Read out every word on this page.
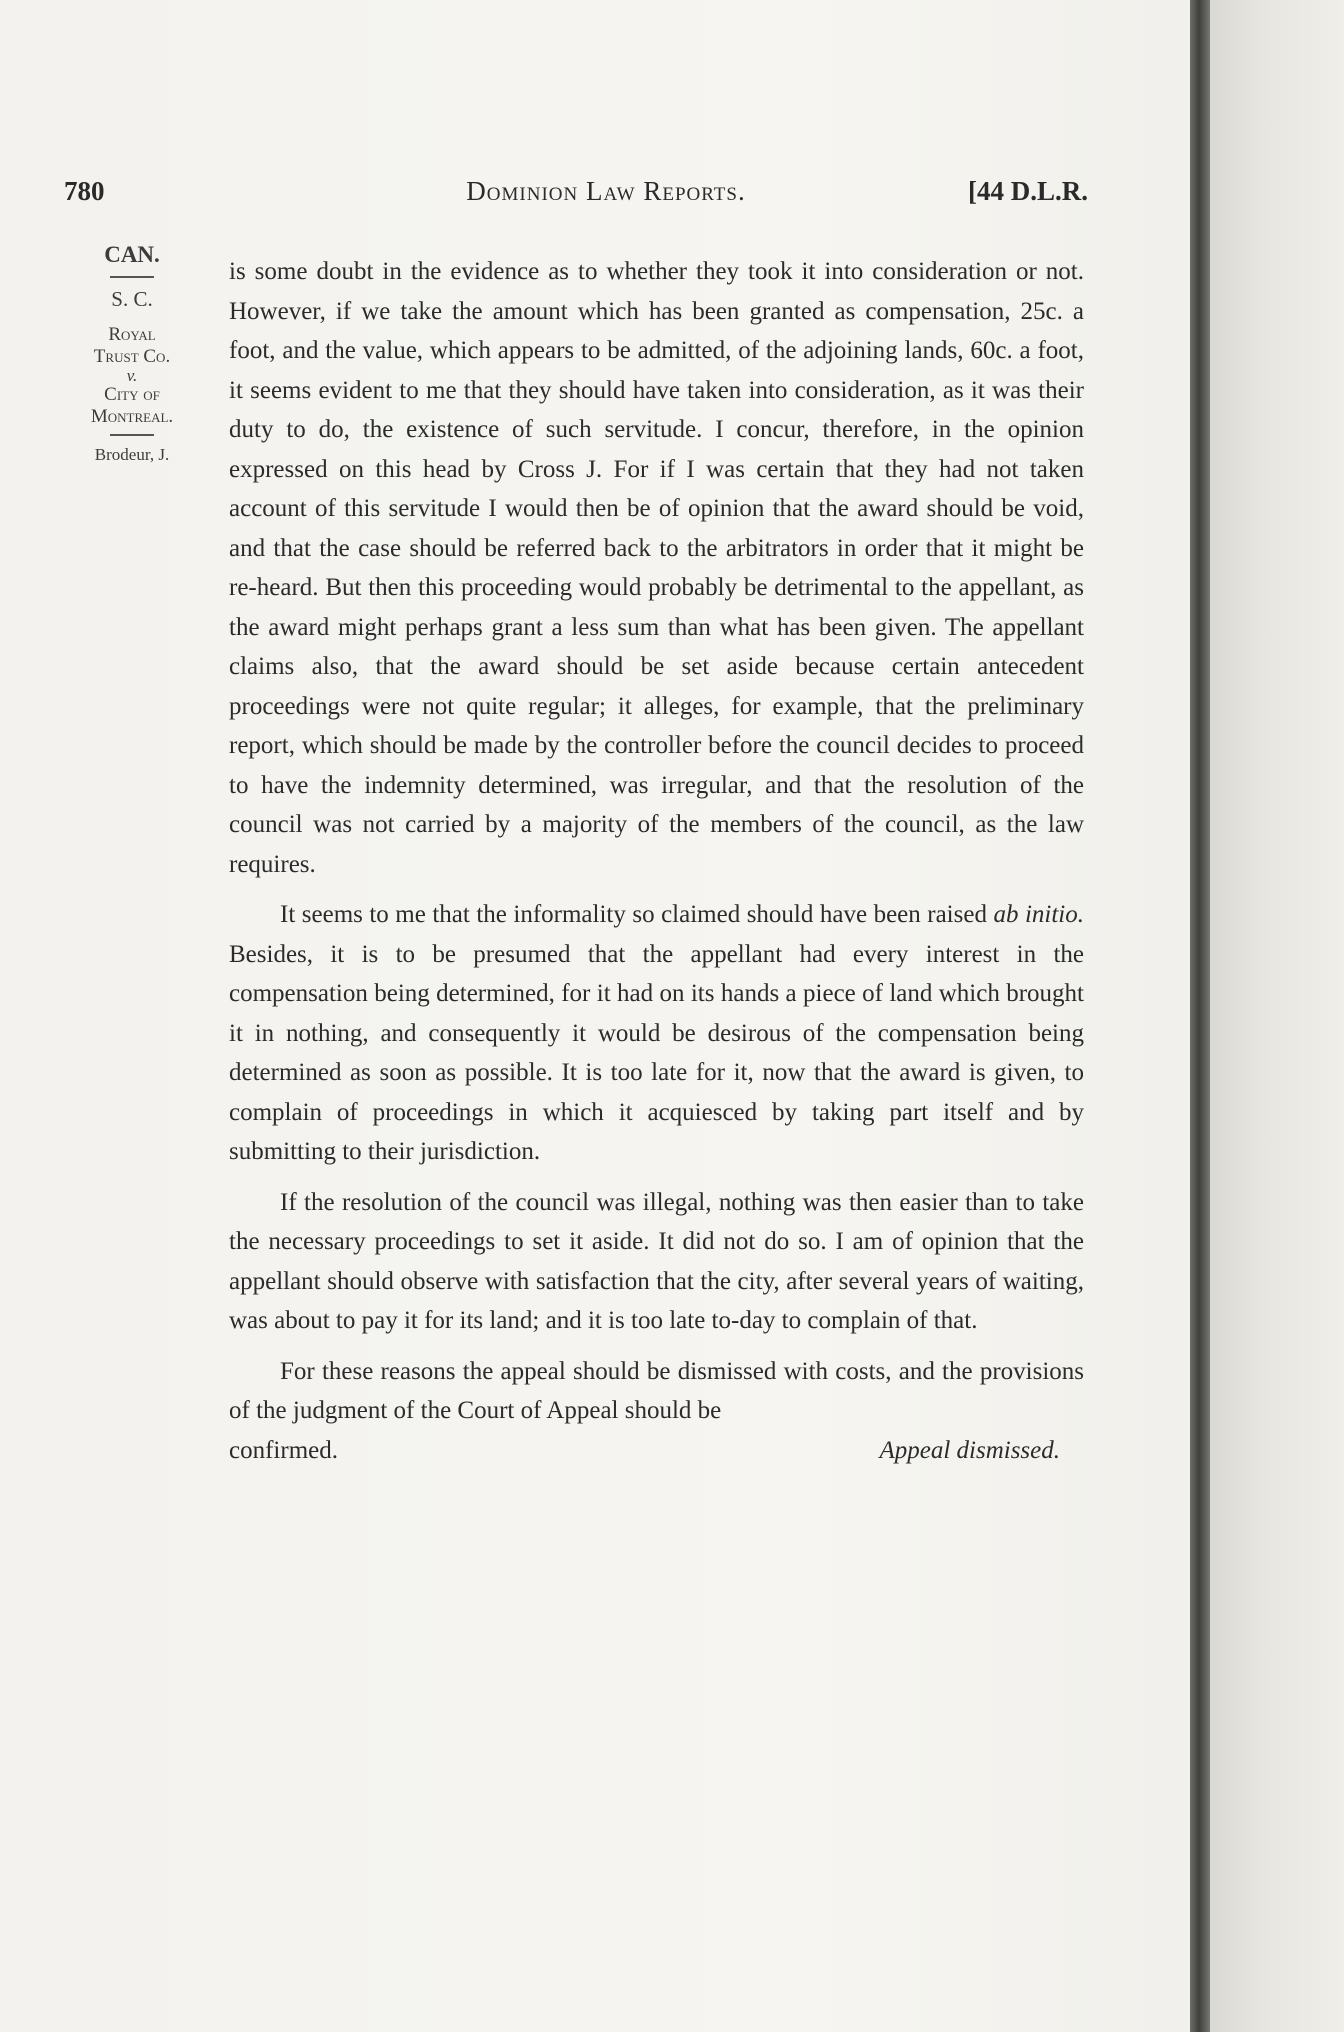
780	Dominion Law Reports.	[44 D.L.R.
CAN.
S. C.
Royal
Trust Co.
v.
City of
Montreal.
Brodeur, J.

is some doubt in the evidence as to whether they took it into consideration or not. However, if we take the amount which has been granted as compensation, 25c. a foot, and the value, which appears to be admitted, of the adjoining lands, 60c. a foot, it seems evident to me that they should have taken into consideration, as it was their duty to do, the existence of such servitude. I concur, therefore, in the opinion expressed on this head by Cross J. For if I was certain that they had not taken account of this servitude I would then be of opinion that the award should be void, and that the case should be referred back to the arbitrators in order that it might be re-heard. But then this proceeding would probably be detrimental to the appellant, as the award might perhaps grant a less sum than what has been given. The appellant claims also, that the award should be set aside because certain antecedent proceedings were not quite regular; it alleges, for example, that the preliminary report, which should be made by the controller before the council decides to proceed to have the indemnity determined, was irregular, and that the resolution of the council was not carried by a majority of the members of the council, as the law requires.

It seems to me that the informality so claimed should have been raised ab initio. Besides, it is to be presumed that the appellant had every interest in the compensation being determined, for it had on its hands a piece of land which brought it in nothing, and consequently it would be desirous of the compensation being determined as soon as possible. It is too late for it, now that the award is given, to complain of proceedings in which it acquiesced by taking part itself and by submitting to their jurisdiction.

If the resolution of the council was illegal, nothing was then easier than to take the necessary proceedings to set it aside. It did not do so. I am of opinion that the appellant should observe with satisfaction that the city, after several years of waiting, was about to pay it for its land; and it is too late to-day to complain of that.

For these reasons the appeal should be dismissed with costs, and the provisions of the judgment of the Court of Appeal should be

confirmed.	Appeal dismissed.
